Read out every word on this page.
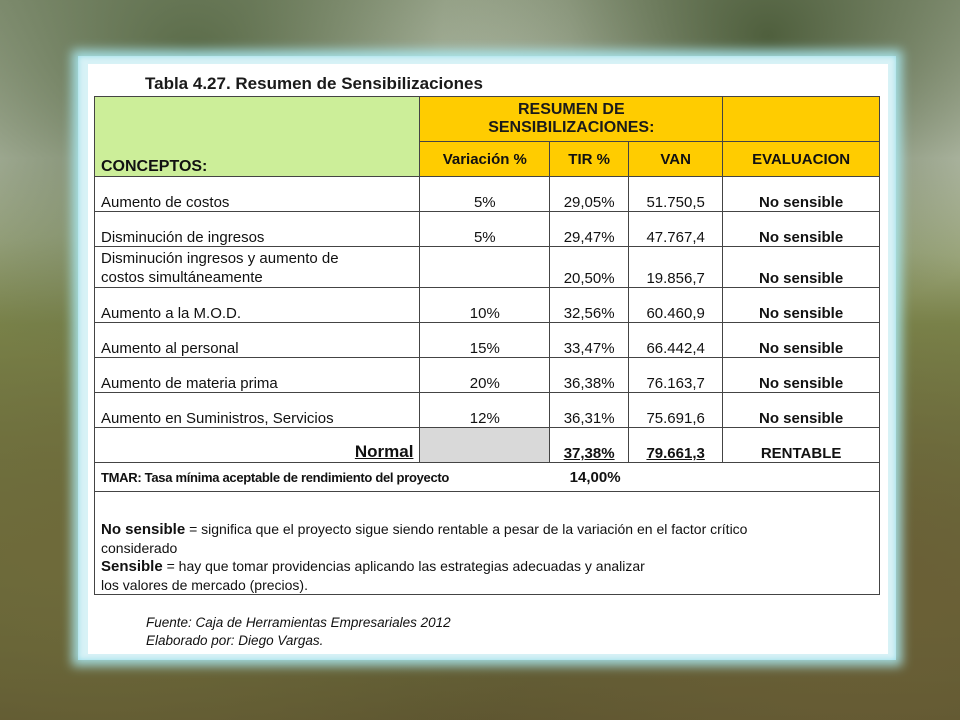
Tabla 4.27. Resumen de Sensibilizaciones
CONCEPTOS:	RESUMEN DE
SENSIBILIZACIONES:			

	Variación %	TIR %	VAN	EVALUACION
Aumento de costos	5%	29,05%	51.750,5	No sensible
Disminución de ingresos	5%	29,47%	47.767,4	No sensible

Disminución ingresos y aumento de
costos simultáneamente		20,50%	19.856,7	No sensible
Aumento a la M.O.D.	10%	32,56%	60.460,9	No sensible
Aumento al personal	15%	33,47%	66.442,4	No sensible
Aumento de materia prima	20%	36,38%	76.163,7	No sensible
Aumento en Suministros, Servicios	12%	36,31%	75.691,6	No sensible
Normal		37,38%	79.661,3	RENTABLE
TMAR: Tasa mínima aceptable de rendimiento del proyecto		14,00%		

No sensible = significa que el proyecto sigue siendo rentable a pesar de la variación en el factor crítico
considerado
Sensible = hay que tomar providencias aplicando las estrategias adecuadas y analizar
los valores de mercado (precios).				
Fuente: Caja de Herramientas Empresariales 2012
Elaborado por: Diego Vargas.
